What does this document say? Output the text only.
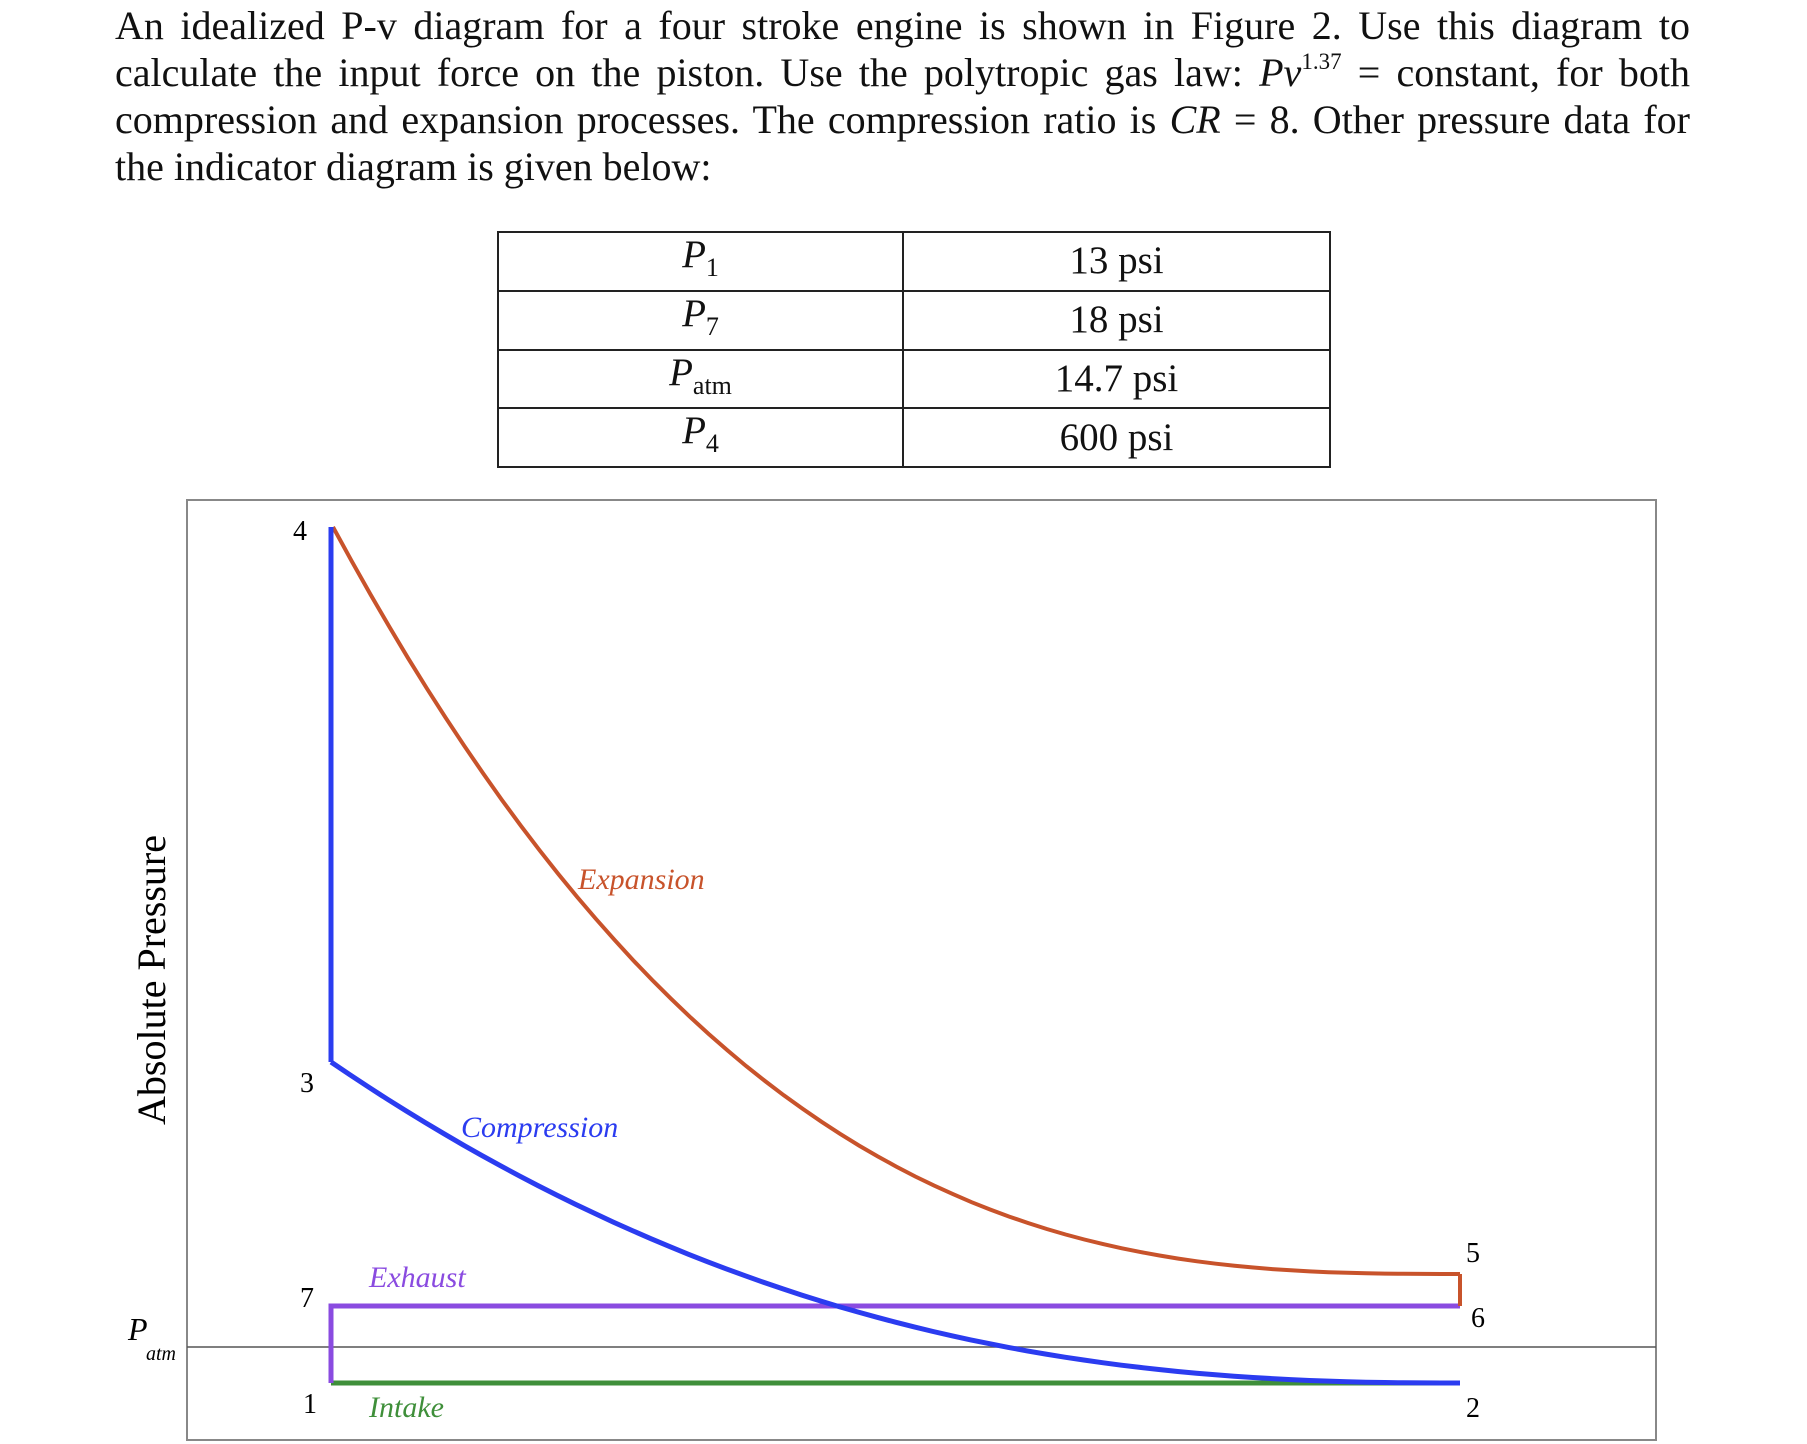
An idealized P-v diagram for a four stroke engine is shown in Figure 2. Use this diagram to calculate the input force on the piston. Use the polytropic gas law: $Pv^{1.37}$ = constant, for both compression and expansion processes. The compression ratio is CR = 8. Other pressure data for the indicator diagram is given below:

$P_1$	13 psi
$P_7$	18 psi
$P_{atm}$	14.7 psi
$P_4$	600 psi
4
3
7
1
5
6
2
Expansion
Compression
Exhaust
Intake
P
atm
Absolute Pressure
